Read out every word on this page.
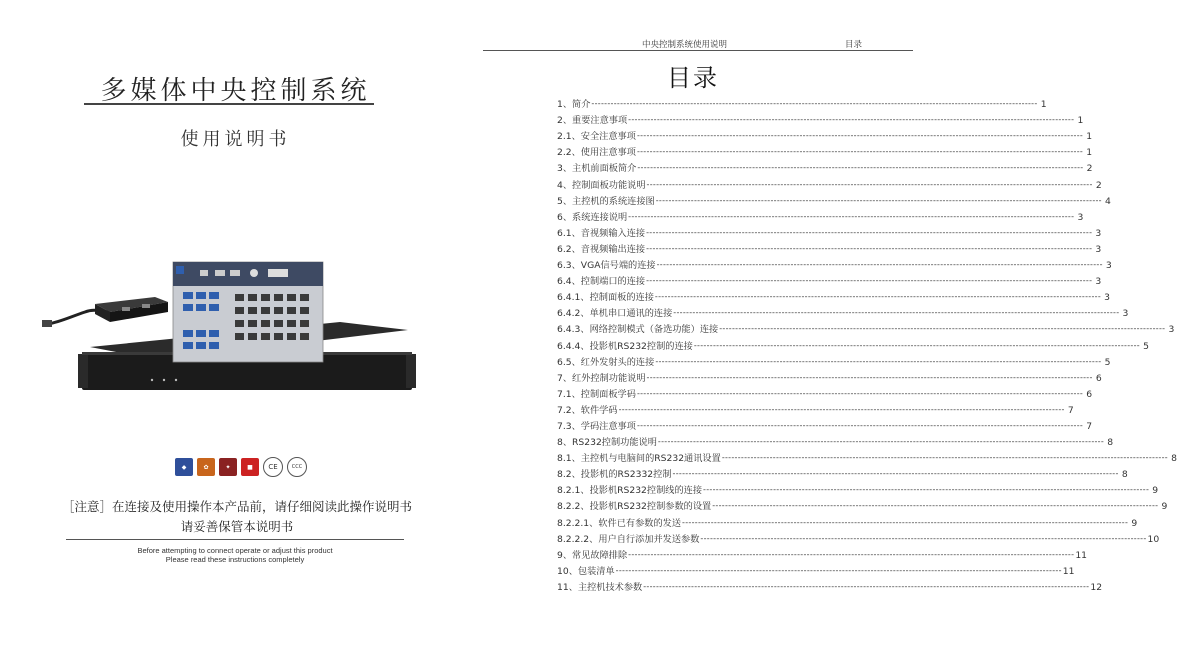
多媒体中央控制系统
使用说明书
◆	✿	✦	■	CE	CCC
［注意］在连接及使用操作本产品前，请仔细阅读此操作说明书
请妥善保管本说明书
Before attempting to connect operate or adjust this product
Please read these instructions completely
中央控制系统使用说明	目录
目录
1、简介 -------------------------------------------------------------------------------------------------------------------------------------------- 1
2、重要注意事项 -------------------------------------------------------------------------------------------------------------------------------------------- 1
2.1、安全注意事项 -------------------------------------------------------------------------------------------------------------------------------------------- 1
2.2、使用注意事项 -------------------------------------------------------------------------------------------------------------------------------------------- 1
3、主机前面板简介 -------------------------------------------------------------------------------------------------------------------------------------------- 2
4、控制面板功能说明 -------------------------------------------------------------------------------------------------------------------------------------------- 2
5、主控机的系统连接图 -------------------------------------------------------------------------------------------------------------------------------------------- 4
6、系统连接说明 -------------------------------------------------------------------------------------------------------------------------------------------- 3
6.1、音视频输入连接 -------------------------------------------------------------------------------------------------------------------------------------------- 3
6.2、音视频输出连接 -------------------------------------------------------------------------------------------------------------------------------------------- 3
6.3、VGA信号端的连接 -------------------------------------------------------------------------------------------------------------------------------------------- 3
6.4、控制端口的连接 -------------------------------------------------------------------------------------------------------------------------------------------- 3
6.4.1、控制面板的连接 -------------------------------------------------------------------------------------------------------------------------------------------- 3
6.4.2、单机串口通讯的连接 -------------------------------------------------------------------------------------------------------------------------------------------- 3
6.4.3、网络控制模式（备选功能）连接 -------------------------------------------------------------------------------------------------------------------------------------------- 3
6.4.4、投影机RS232控制的连接 -------------------------------------------------------------------------------------------------------------------------------------------- 5
6.5、红外发射头的连接 -------------------------------------------------------------------------------------------------------------------------------------------- 5
7、红外控制功能说明 -------------------------------------------------------------------------------------------------------------------------------------------- 6
7.1、控制面板学码 -------------------------------------------------------------------------------------------------------------------------------------------- 6
7.2、软件学码 -------------------------------------------------------------------------------------------------------------------------------------------- 7
7.3、学码注意事项 -------------------------------------------------------------------------------------------------------------------------------------------- 7
8、RS232控制功能说明 -------------------------------------------------------------------------------------------------------------------------------------------- 8
8.1、主控机与电脑间的RS232通讯设置 -------------------------------------------------------------------------------------------------------------------------------------------- 8
8.2、投影机的RS2332控制 -------------------------------------------------------------------------------------------------------------------------------------------- 8
8.2.1、投影机RS232控制线的连接 -------------------------------------------------------------------------------------------------------------------------------------------- 9
8.2.2、投影机RS232控制参数的设置 -------------------------------------------------------------------------------------------------------------------------------------------- 9
8.2.2.1、软件已有参数的发送 -------------------------------------------------------------------------------------------------------------------------------------------- 9
8.2.2.2、用户自行添加并发送参数 -------------------------------------------------------------------------------------------------------------------------------------------- 10
9、常见故障排除 -------------------------------------------------------------------------------------------------------------------------------------------- 11
10、包装清单 -------------------------------------------------------------------------------------------------------------------------------------------- 11
11、主控机技术参数 -------------------------------------------------------------------------------------------------------------------------------------------- 12
